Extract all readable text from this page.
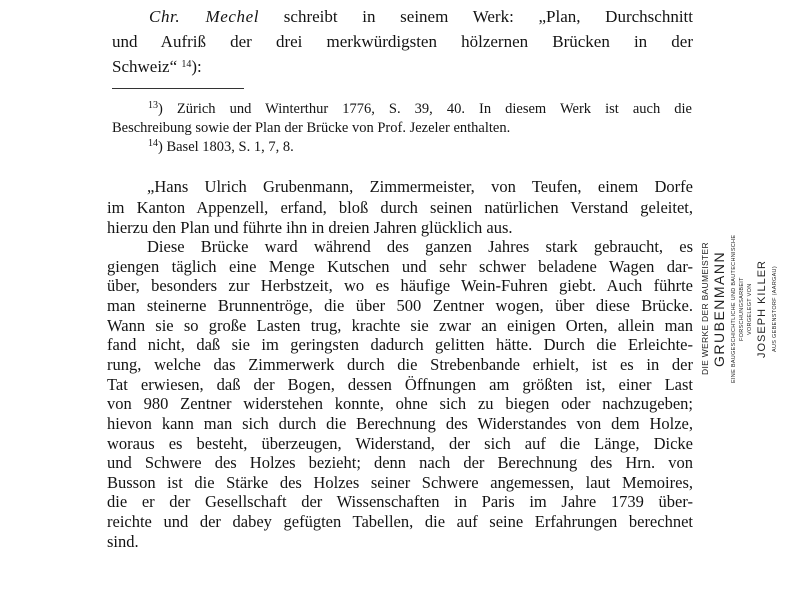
Chr. Mechel schreibt in seinem Werk: „Plan, Durchschnitt
und Aufriß der drei merkwürdigsten hölzernen Brücken in der
Schweiz“ $^{14}$):
$^{13}$) Zürich und Winterthur 1776, S. 39, 40. In diesem Werk ist auch die
Beschreibung sowie der Plan der Brücke von Prof. Jezeler enthalten.
$^{14}$) Basel 1803, S. 1, 7, 8.
„Hans Ulrich Grubenmann, Zimmermeister, von Teufen, einem Dorfe
im Kanton Appenzell, erfand, bloß durch seinen natürlichen Verstand geleitet,
hierzu den Plan und führte ihn in dreien Jahren glücklich aus.
Diese Brücke ward während des ganzen Jahres stark gebraucht, es
giengen täglich eine Menge Kutschen und sehr schwer beladene Wagen dar-
über, besonders zur Herbstzeit, wo es häufige Wein-Fuhren giebt. Auch führte
man steinerne Brunnentröge, die über 500 Zentner wogen, über diese Brücke.
Wann sie so große Lasten trug, krachte sie zwar an einigen Orten, allein man
fand nicht, daß sie im geringsten dadurch gelitten hätte. Durch die Erleichte-
rung, welche das Zimmerwerk durch die Strebenbande erhielt, ist es in der
Tat erwiesen, daß der Bogen, dessen Öffnungen am größten ist, einer Last
von 980 Zentner widerstehen konnte, ohne sich zu biegen oder nachzugeben;
hievon kann man sich durch die Berechnung des Widerstandes von dem Holze,
woraus es besteht, überzeugen, Widerstand, der sich auf die Länge, Dicke
und Schwere des Holzes bezieht; denn nach der Berechnung des Hrn. von
Busson ist die Stärke des Holzes seiner Schwere angemessen, laut Memoires,
die er der Gesellschaft der Wissenschaften in Paris im Jahre 1739 über-
reichte und der dabey gefügten Tabellen, die auf seine Erfahrungen berechnet
sind.
DIE WERKE DER BAUMEISTER GRUBENMANN EINE BAUGESCHICHTLICHE UND BAUTECHNISCHE FORSCHUNGSARBEIT VORGELEGT VON JOSEPH KILLER AUS GEBENSTORF (AARGAU)
